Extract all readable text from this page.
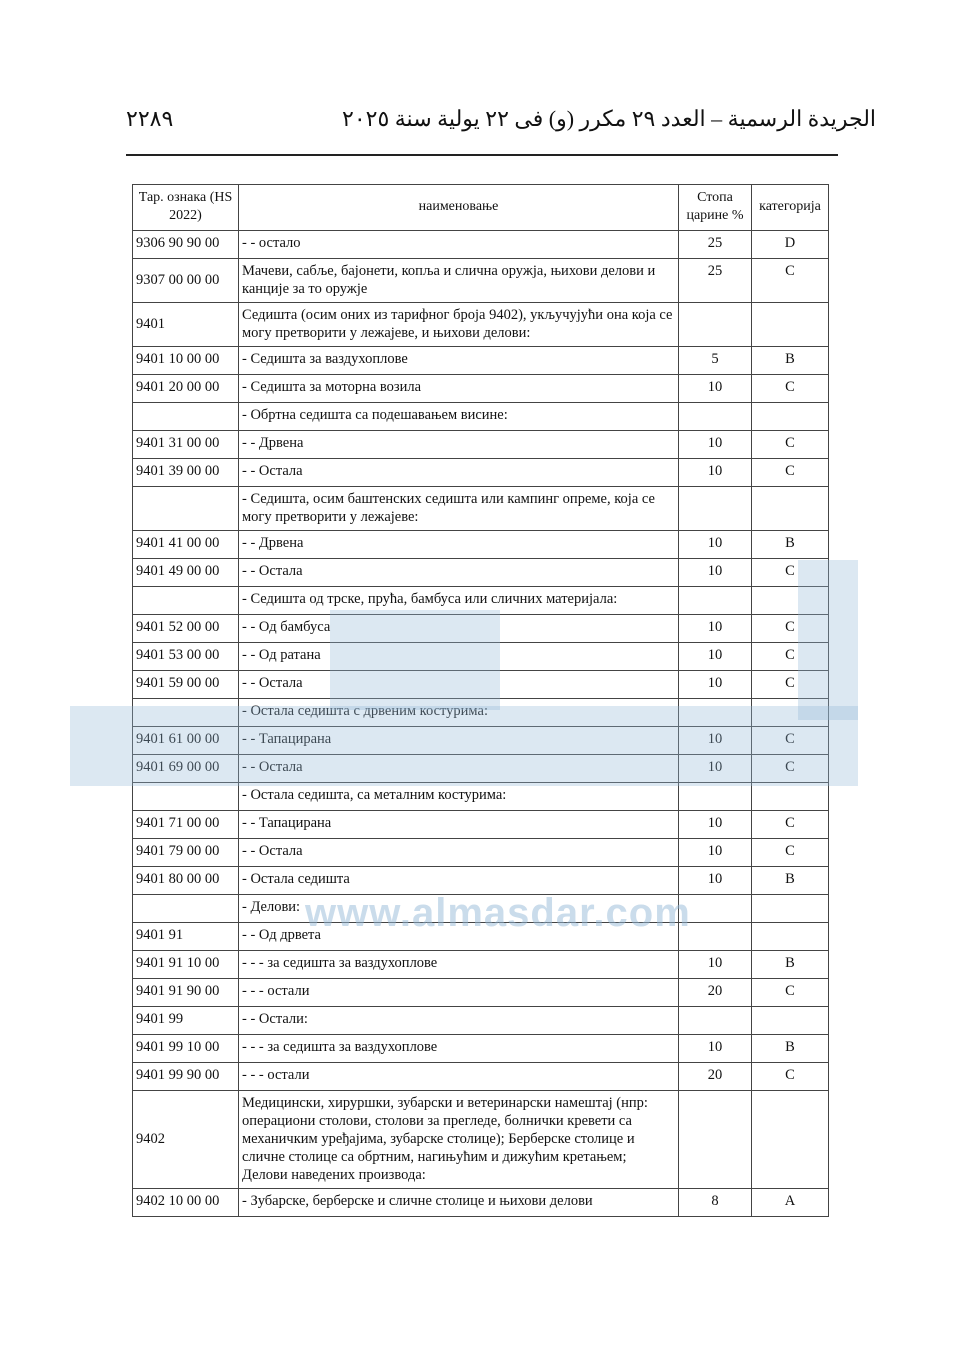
٢٢٨٩	الجريدة الرسمية – العدد ٢٩ مكرر (و) فى ٢٢ يولية سنة ٢٠٢٥
Тар. ознака (HS 2022)	наименовање	Стопа царине %	категорија
9306 90 90 00	- - остало	25	D
9307 00 00 00	Мачеви, сабље, бајонети, копља и слична оружја, њихови делови и канције за то оружје	25	C
9401	Седишта (осим оних из тарифног броја 9402), укључујући она која се могу претворити у лежајеве, и њихови делови:		
9401 10 00 00	- Седишта за ваздухоплове	5	B
9401 20 00 00	- Седишта за моторна возила	10	C
	- Обртна седишта са подешавањем висине:		
9401 31 00 00	- - Дрвена	10	C
9401 39 00 00	- - Остала	10	C
	- Седишта, осим баштенских седишта или кампинг опреме, која се могу претворити у лежајеве:		
9401 41 00 00	- - Дрвена	10	B
9401 49 00 00	- - Остала	10	C
	- Седишта од трске, прућа, бамбуса или сличних материјала:		
9401 52 00 00	- - Од бамбуса	10	C
9401 53 00 00	- - Од ратана	10	C
9401 59 00 00	- - Остала	10	C
	- Остала седишта с дрвеним костурима:		
9401 61 00 00	- - Тапацирана	10	C
9401 69 00 00	- - Остала	10	C
	- Остала седишта, са металним костурима:		
9401 71 00 00	- - Тапацирана	10	C
9401 79 00 00	- - Остала	10	C
9401 80 00 00	- Остала седишта	10	B
	- Делови:		
9401 91	- - Од дрвета		
9401 91 10 00	- - - за седишта за ваздухоплове	10	B
9401 91 90 00	- - - остали	20	C
9401 99	- - Остали:		
9401 99 10 00	- - - за седишта за ваздухоплове	10	B
9401 99 90 00	- - - остали	20	C
9402	Медицински, хируршки, зубарски и ветеринарски намештај (нпр: операциони столови, столови за прегледе, болнички кревети са механичким уређајима, зубарске столице); Берберске столице и сличне столице са обртним, нагињућим и дижућим кретањем; Делови наведених производа:		
9402 10 00 00	- Зубарске, берберске и сличне столице и њихови делови	8	A
www.almasdar.com
